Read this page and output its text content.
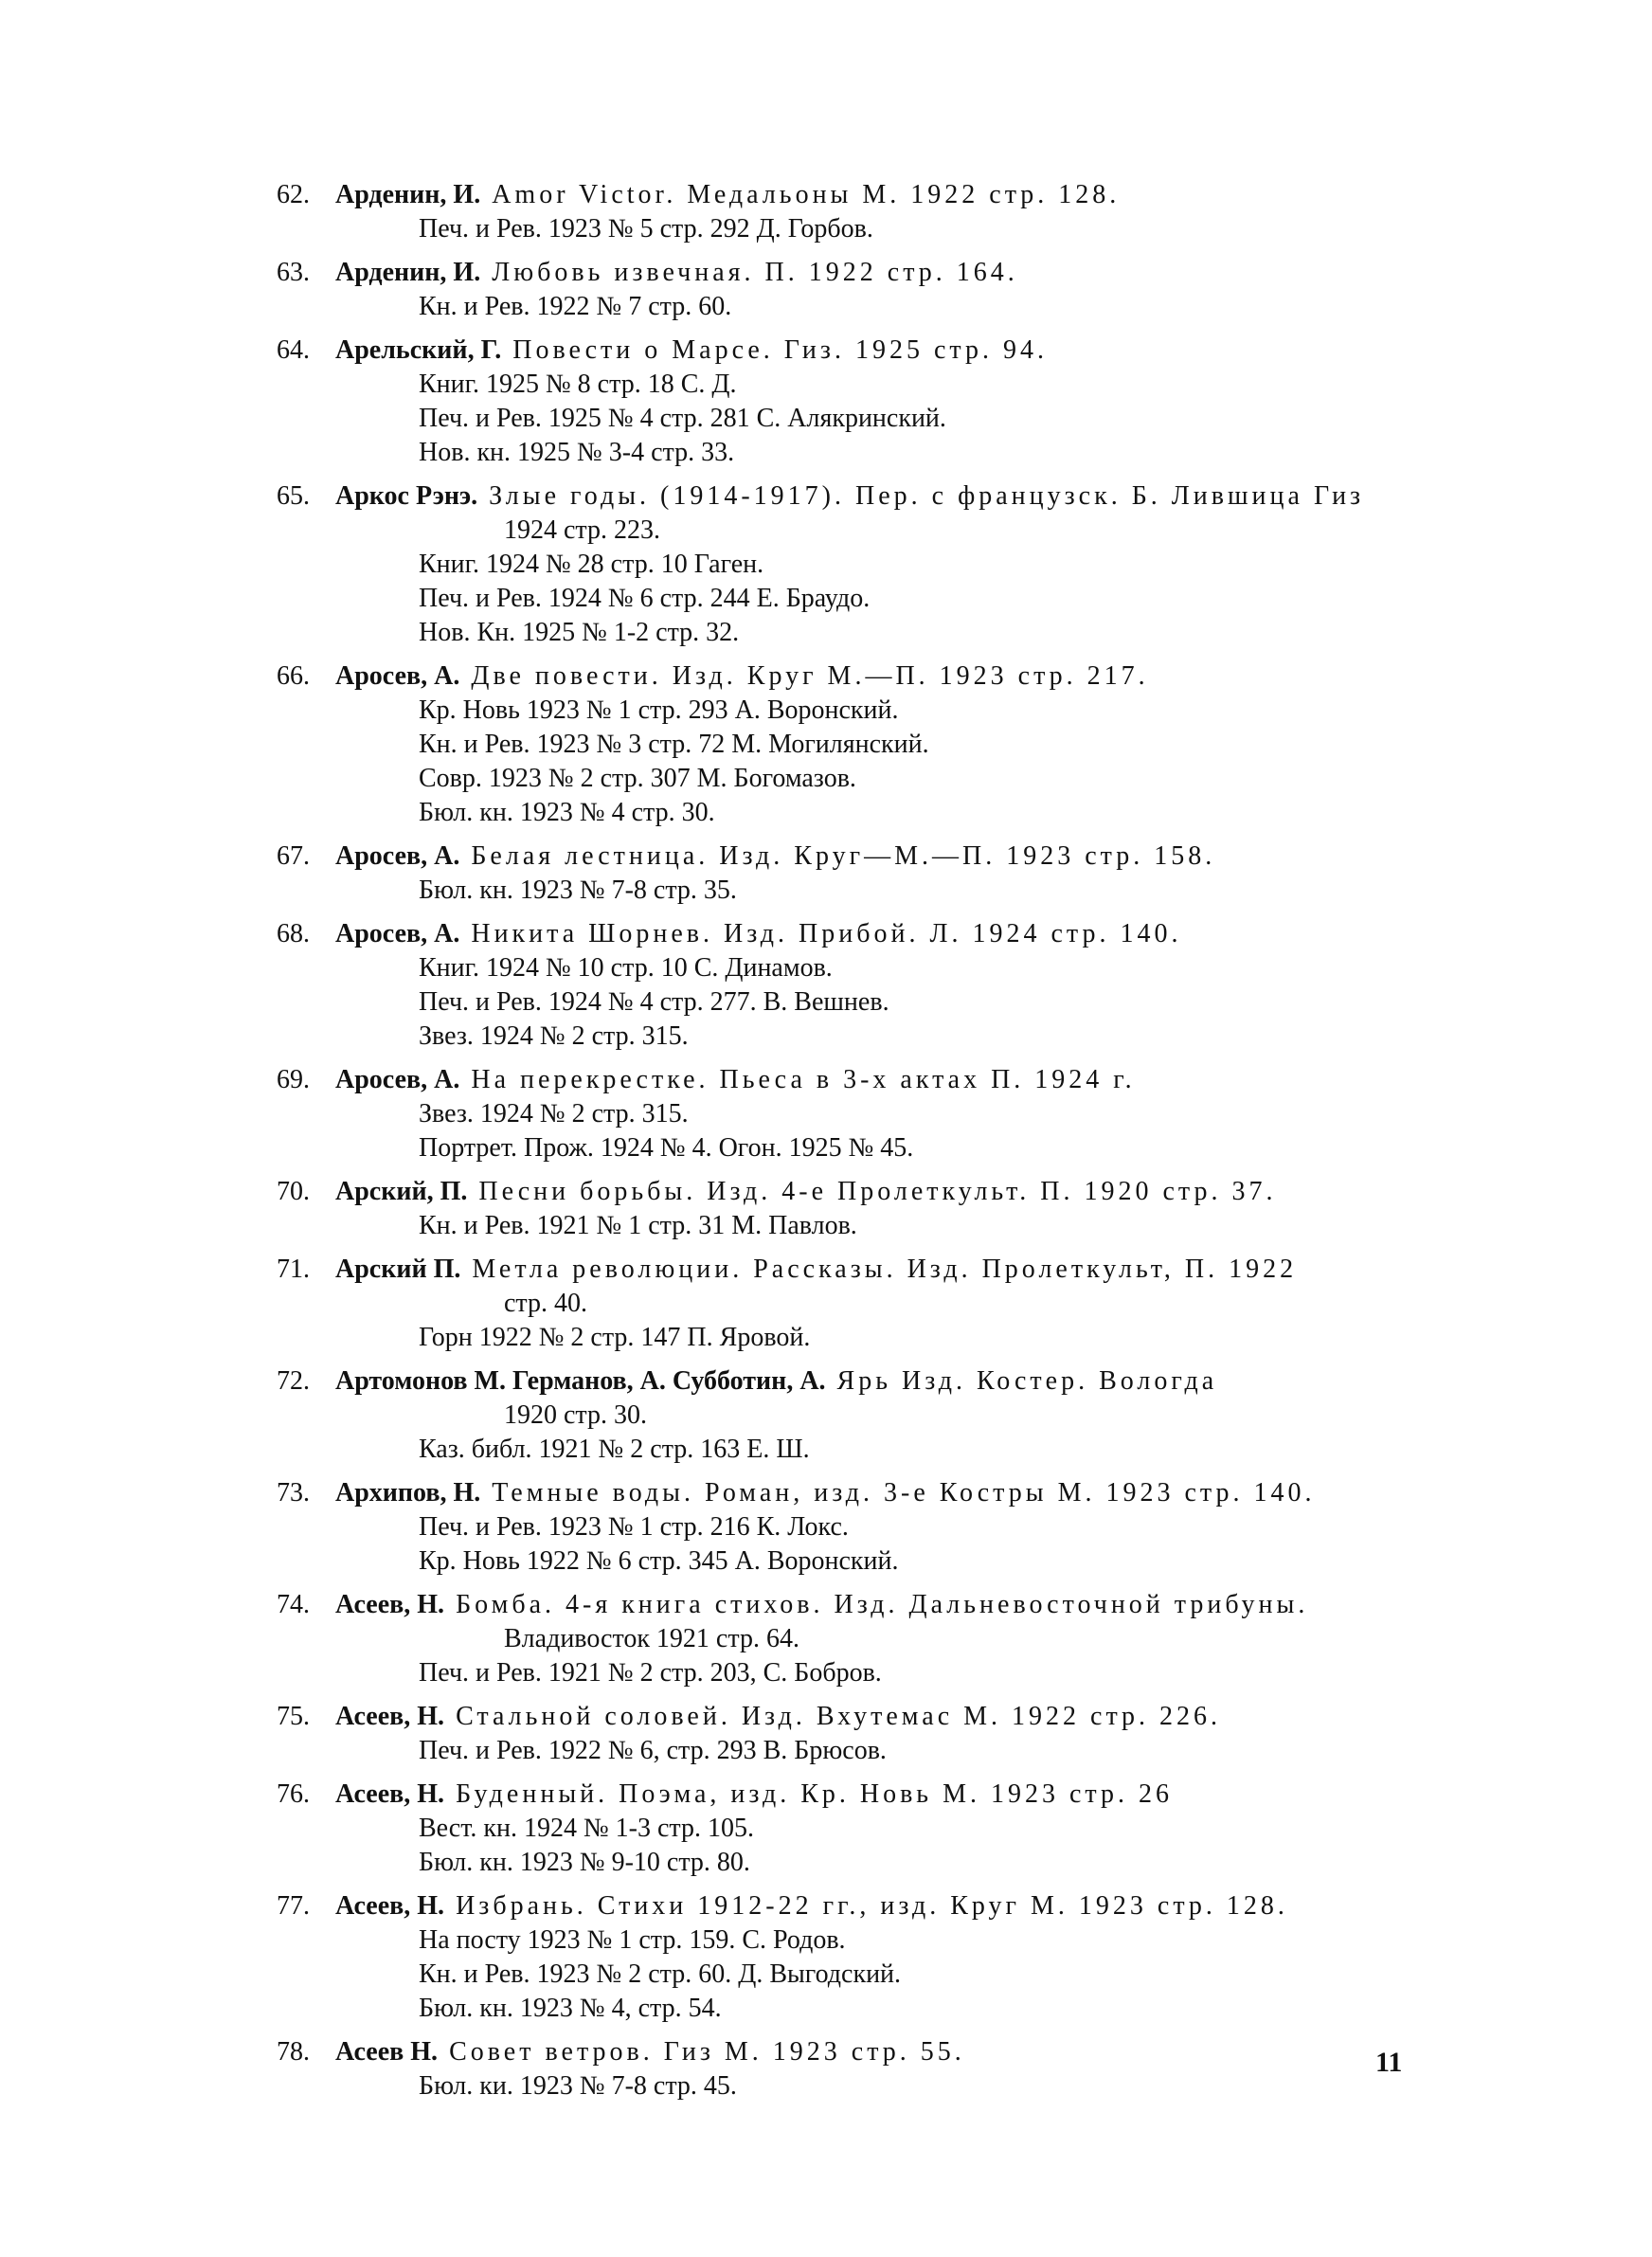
62. Арденин, И. Amor Victor. Медальоны М. 1922 стр. 128.
Печ. и Рев. 1923 № 5 стр. 292 Д. Горбов.
63. Арденин, И. Любовь извечная. П. 1922 стр. 164.
Кн. и Рев. 1922 № 7 стр. 60.
64. Арельский, Г. Повести о Марсе. Гиз. 1925 стр. 94.
Книг. 1925 № 8 стр. 18 С. Д.
Печ. и Рев. 1925 № 4 стр. 281 С. Алякринский.
Нов. кн. 1925 № 3-4 стр. 33.
65. Аркос Рэнэ. Злые годы. (1914-1917). Пер. с французск. Б. Лившица Гиз
1924 стр. 223.
Книг. 1924 № 28 стр. 10 Гаген.
Печ. и Рев. 1924 № 6 стр. 244 Е. Браудо.
Нов. Кн. 1925 № 1-2 стр. 32.
66. Аросев, А. Две повести. Изд. Круг М.—П. 1923 стр. 217.
Кр. Новь 1923 № 1 стр. 293 А. Воронский.
Кн. и Рев. 1923 № 3 стр. 72 М. Могилянский.
Совр. 1923 № 2 стр. 307 М. Богомазов.
Бюл. кн. 1923 № 4 стр. 30.
67. Аросев, А. Белая лестница. Изд. Круг—М.—П. 1923 стр. 158.
Бюл. кн. 1923 № 7-8 стр. 35.
68. Аросев, А. Никита Шорнев. Изд. Прибой. Л. 1924 стр. 140.
Книг. 1924 № 10 стр. 10 С. Динамов.
Печ. и Рев. 1924 № 4 стр. 277. В. Вешнев.
Звез. 1924 № 2 стр. 315.
69. Аросев, А. На перекрестке. Пьеса в 3-х актах П. 1924 г.
Звез. 1924 № 2 стр. 315.
Портрет. Прож. 1924 № 4. Огон. 1925 № 45.
70. Арский, П. Песни борьбы. Изд. 4-е Пролеткульт. П. 1920 стр. 37.
Кн. и Рев. 1921 № 1 стр. 31 М. Павлов.
71. Арский П. Метла революции. Рассказы. Изд. Пролеткульт, П. 1922
стр. 40.
Горн 1922 № 2 стр. 147 П. Яровой.
72. Артомонов М. Германов, А. Субботин, А. Ярь Изд. Костер. Вологда
1920 стр. 30.
Каз. библ. 1921 № 2 стр. 163 Е. Ш.
73. Архипов, Н. Темные воды. Роман, изд. 3-е Костры М. 1923 стр. 140.
Печ. и Рев. 1923 № 1 стр. 216 К. Локс.
Кр. Новь 1922 № 6 стр. 345 А. Воронский.
74. Асеев, Н. Бомба. 4-я книга стихов. Изд. Дальневосточной трибуны.
Владивосток 1921 стр. 64.
Печ. и Рев. 1921 № 2 стр. 203, С. Бобров.
75. Асеев, Н. Стальной соловей. Изд. Вхутемас М. 1922 стр. 226.
Печ. и Рев. 1922 № 6, стр. 293 В. Брюсов.
76. Асеев, Н. Буденный. Поэма, изд. Кр. Новь М. 1923 стр. 26
Вест. кн. 1924 № 1-3 стр. 105.
Бюл. кн. 1923 № 9-10 стр. 80.
77. Асеев, Н. Избрань. Стихи 1912-22 гг., изд. Круг М. 1923 стр. 128.
На посту 1923 № 1 стр. 159. С. Родов.
Кн. и Рев. 1923 № 2 стр. 60. Д. Выгодский.
Бюл. кн. 1923 № 4, стр. 54.
78. Асеев Н. Совет ветров. Гиз М. 1923 стр. 55.
Бюл. ки. 1923 № 7-8 стр. 45.
11
